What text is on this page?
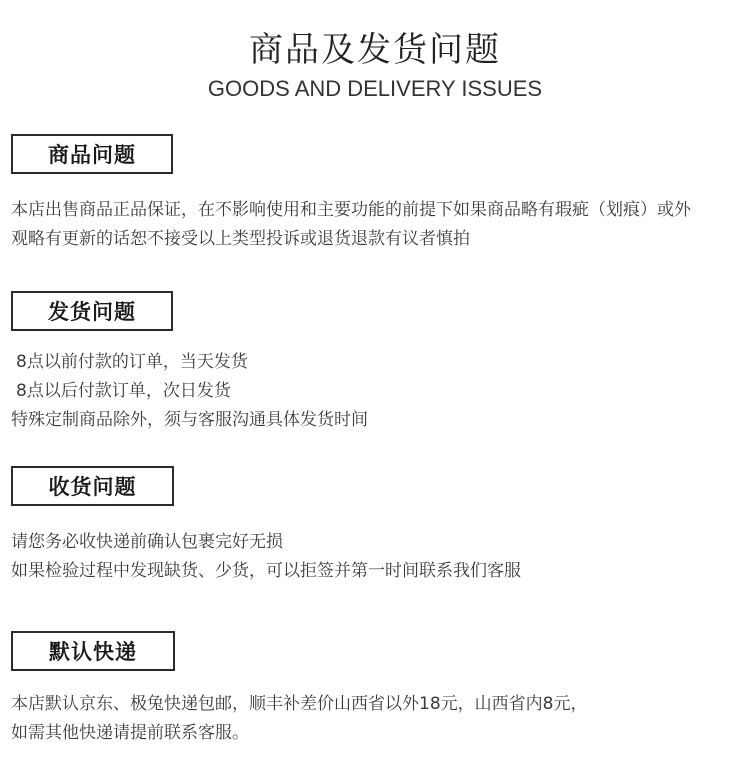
商品及发货问题
GOODS AND DELIVERY ISSUES
商品问题
本店出售商品正品保证，在不影响使用和主要功能的前提下如果商品略有瑕疵（划痕）或外
观略有更新的话恕不接受以上类型投诉或退货退款有议者慎拍
发货问题
8点以前付款的订单，当天发货
8点以后付款订单，次日发货
特殊定制商品除外，须与客服沟通具体发货时间
收货问题
请您务必收快递前确认包裹完好无损
如果检验过程中发现缺货、少货，可以拒签并第一时间联系我们客服
默认快递
本店默认京东、极兔快递包邮，顺丰补差价山西省以外18元，山西省内8元，
如需其他快递请提前联系客服。
